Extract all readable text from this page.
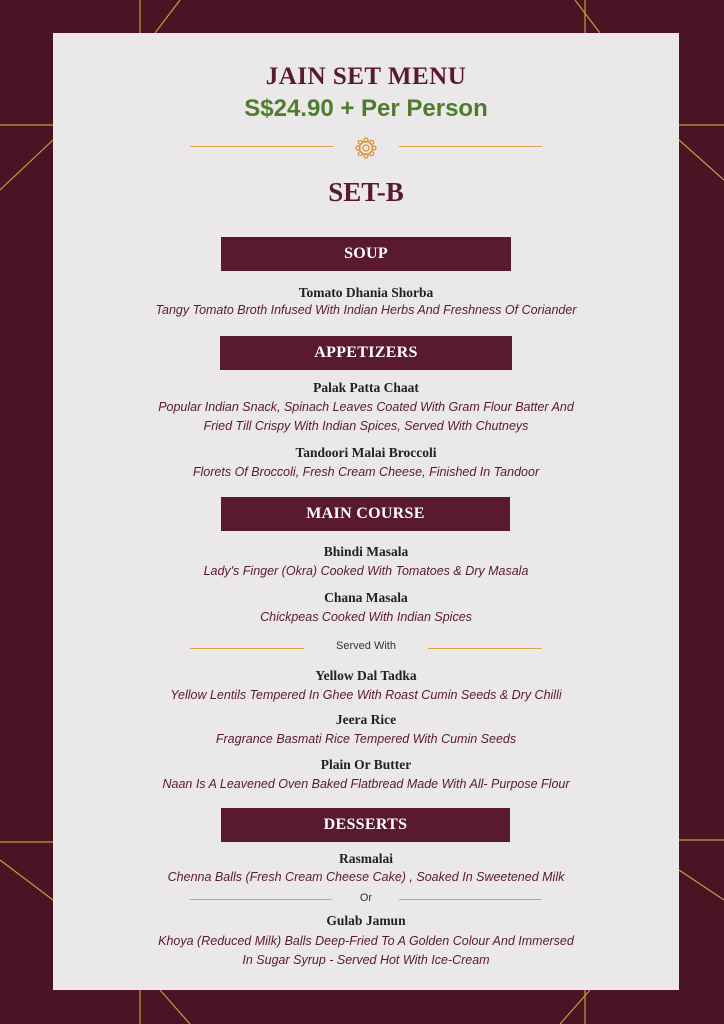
JAIN SET MENU
S$24.90 + Per Person
SET-B
SOUP
Tomato Dhania Shorba
Tangy Tomato Broth Infused With Indian Herbs And Freshness Of Coriander
APPETIZERS
Palak Patta Chaat
Popular Indian Snack, Spinach Leaves Coated With Gram Flour Batter And
Fried Till Crispy With Indian Spices, Served With Chutneys
Tandoori Malai Broccoli
Florets Of Broccoli, Fresh Cream Cheese, Finished In Tandoor
MAIN COURSE
Bhindi Masala
Lady's Finger (Okra) Cooked With Tomatoes & Dry Masala
Chana Masala
Chickpeas Cooked With Indian Spices
Served With
Yellow Dal Tadka
Yellow Lentils Tempered In Ghee With Roast Cumin Seeds & Dry Chilli
Jeera Rice
Fragrance Basmati Rice Tempered With Cumin Seeds
Plain Or Butter
Naan Is A Leavened Oven Baked Flatbread Made With All- Purpose Flour
DESSERTS
Rasmalai
Chenna Balls (Fresh Cream Cheese Cake) , Soaked In Sweetened Milk
Or
Gulab Jamun
Khoya (Reduced Milk) Balls Deep-Fried To A Golden Colour And Immersed
In Sugar Syrup - Served Hot With Ice-Cream
